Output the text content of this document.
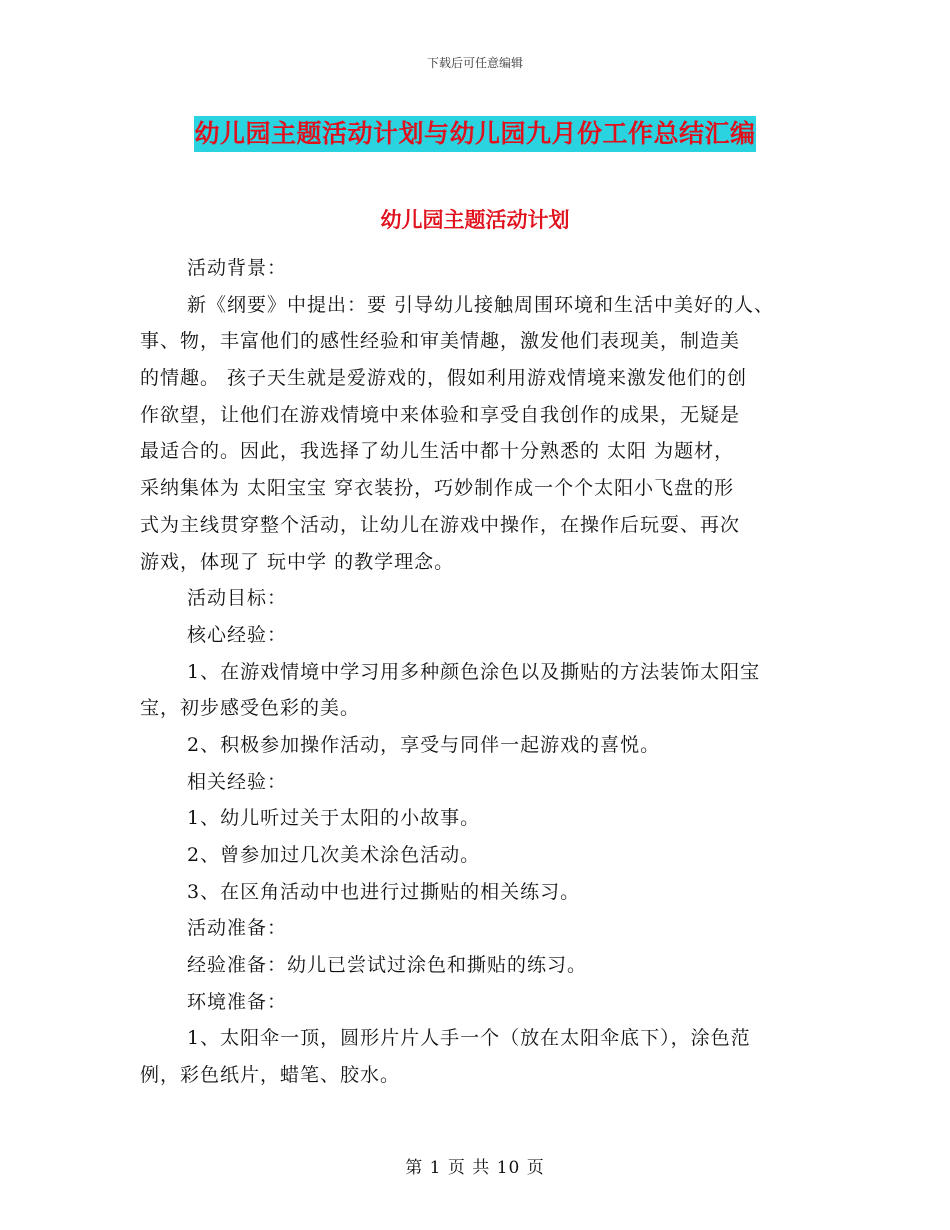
下载后可任意编辑
幼儿园主题活动计划与幼儿园九月份工作总结汇编
幼儿园主题活动计划
活动背景：
新《纲要》中提出：要 引导幼儿接触周围环境和生活中美好的人、
事、物，丰富他们的感性经验和审美情趣，激发他们表现美，制造美
的情趣。 孩子天生就是爱游戏的，假如利用游戏情境来激发他们的创
作欲望，让他们在游戏情境中来体验和享受自我创作的成果，无疑是
最适合的。因此，我选择了幼儿生活中都十分熟悉的 太阳 为题材，
采纳集体为 太阳宝宝 穿衣装扮，巧妙制作成一个个太阳小飞盘的形
式为主线贯穿整个活动，让幼儿在游戏中操作，在操作后玩耍、再次
游戏，体现了 玩中学 的教学理念。
活动目标：
核心经验：
1、在游戏情境中学习用多种颜色涂色以及撕贴的方法装饰太阳宝
宝，初步感受色彩的美。
2、积极参加操作活动，享受与同伴一起游戏的喜悦。
相关经验：
1、幼儿听过关于太阳的小故事。
2、曾参加过几次美术涂色活动。
3、在区角活动中也进行过撕贴的相关练习。
活动准备：
经验准备：幼儿已尝试过涂色和撕贴的练习。
环境准备：
1、太阳伞一顶，圆形片片人手一个（放在太阳伞底下），涂色范
例，彩色纸片，蜡笔、胶水。
第 1 页 共 10 页
